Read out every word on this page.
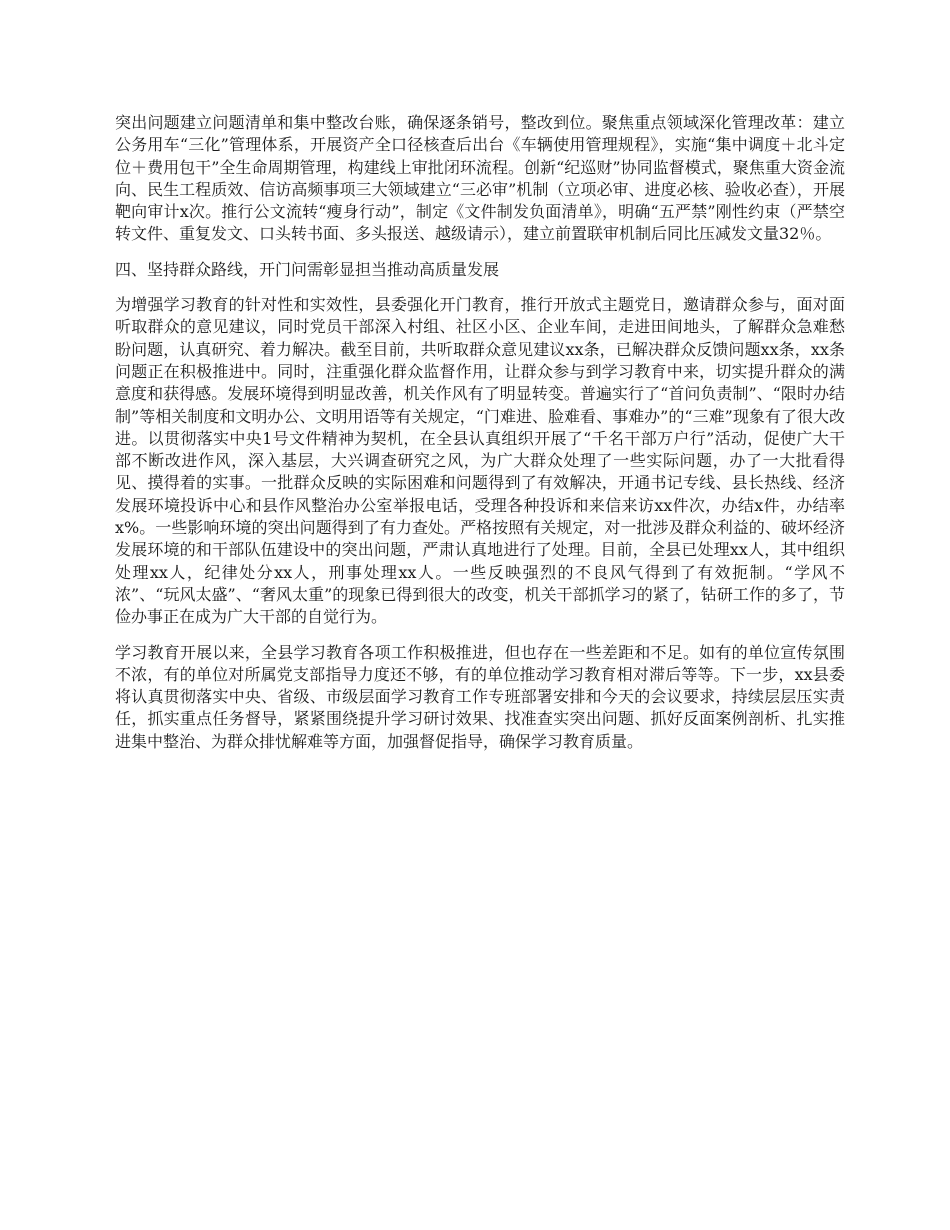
突出问题建立问题清单和集中整改台账，确保逐条销号，整改到位。聚焦重点领域深化管理改革：建立公务用车“三化”管理体系，开展资产全口径核查后出台《车辆使用管理规程》，实施“集中调度＋北斗定位＋费用包干”全生命周期管理，构建线上审批闭环流程。创新“纪巡财”协同监督模式，聚焦重大资金流向、民生工程质效、信访高频事项三大领域建立“三必审”机制（立项必审、进度必核、验收必查），开展靶向审计x次。推行公文流转“瘦身行动”，制定《文件制发负面清单》，明确“五严禁”刚性约束（严禁空转文件、重复发文、口头转书面、多头报送、越级请示），建立前置联审机制后同比压减发文量32％。

四、坚持群众路线，开门问需彰显担当推动高质量发展

为增强学习教育的针对性和实效性，县委强化开门教育，推行开放式主题党日，邀请群众参与，面对面听取群众的意见建议，同时党员干部深入村组、社区小区、企业车间，走进田间地头，了解群众急难愁盼问题，认真研究、着力解决。截至目前，共听取群众意见建议xx条，已解决群众反馈问题xx条，xx条问题正在积极推进中。同时，注重强化群众监督作用，让群众参与到学习教育中来，切实提升群众的满意度和获得感。发展环境得到明显改善，机关作风有了明显转变。普遍实行了“首问负责制”、“限时办结制”等相关制度和文明办公、文明用语等有关规定，“门难进、脸难看、事难办”的“三难”现象有了很大改进。以贯彻落实中央1号文件精神为契机，在全县认真组织开展了“千名干部万户行”活动，促使广大干部不断改进作风，深入基层，大兴调查研究之风，为广大群众处理了一些实际问题，办了一大批看得见、摸得着的实事。一批群众反映的实际困难和问题得到了有效解决，开通书记专线、县长热线、经济发展环境投诉中心和县作风整治办公室举报电话，受理各种投诉和来信来访xx件次，办结x件，办结率x%。一些影响环境的突出问题得到了有力查处。严格按照有关规定，对一批涉及群众利益的、破坏经济发展环境的和干部队伍建设中的突出问题，严肃认真地进行了处理。目前，全县已处理xx人，其中组织处理xx人，纪律处分xx人，刑事处理xx人。一些反映强烈的不良风气得到了有效扼制。“学风不浓”、“玩风太盛”、“奢风太重”的现象已得到很大的改变，机关干部抓学习的紧了，钻研工作的多了，节俭办事正在成为广大干部的自觉行为。

学习教育开展以来，全县学习教育各项工作积极推进，但也存在一些差距和不足。如有的单位宣传氛围不浓，有的单位对所属党支部指导力度还不够，有的单位推动学习教育相对滞后等等。下一步，xx县委将认真贯彻落实中央、省级、市级层面学习教育工作专班部署安排和今天的会议要求，持续层层压实责任，抓实重点任务督导，紧紧围绕提升学习研讨效果、找准查实突出问题、抓好反面案例剖析、扎实推进集中整治、为群众排忧解难等方面，加强督促指导，确保学习教育质量。
